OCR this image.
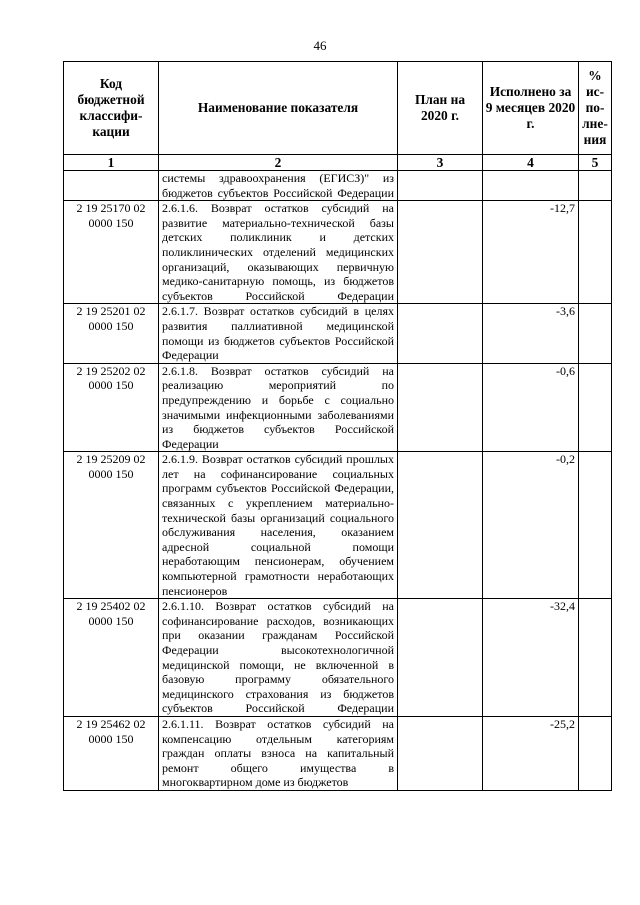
46
Код бюджетной классифи-кации	Наименование показателя	План на 2020 г.	Исполнено за 9 месяцев 2020 г.	% ис-по-лне-ния
1	2	3	4	5
	системы здравоохранения (ЕГИСЗ)" из бюджетов субъектов Российской Федерации			
2 19 25170 02 0000 150	2.6.1.6. Возврат остатков субсидий на развитие материально-технической базы детских поликлиник и детских поликлинических отделений медицинских организаций, оказывающих первичную медико-санитарную помощь, из бюджетов субъектов Российской Федерации		-12,7	
2 19 25201 02 0000 150	2.6.1.7. Возврат остатков субсидий в целях развития паллиативной медицинской помощи из бюджетов субъектов Российской Федерации		-3,6	
2 19 25202 02 0000 150	2.6.1.8. Возврат остатков субсидий на реализацию мероприятий по предупреждению и борьбе с социально значимыми инфекционными заболеваниями из бюджетов субъектов Российской Федерации		-0,6	
2 19 25209 02 0000 150	2.6.1.9. Возврат остатков субсидий прошлых лет на софинансирование социальных программ субъектов Российской Федерации, связанных с укреплением материально-технической базы организаций социального обслуживания населения, оказанием адресной социальной помощи неработающим пенсионерам, обучением компьютерной грамотности неработающих пенсионеров		-0,2	
2 19 25402 02 0000 150	2.6.1.10. Возврат остатков субсидий на софинансирование расходов, возникающих при оказании гражданам Российской Федерации высокотехнологичной медицинской помощи, не включенной в базовую программу обязательного медицинского страхования из бюджетов субъектов Российской Федерации		-32,4	
2 19 25462 02 0000 150	2.6.1.11. Возврат остатков субсидий на компенсацию отдельным категориям граждан оплаты взноса на капитальный ремонт общего имущества в многоквартирном доме из бюджетов		-25,2	
